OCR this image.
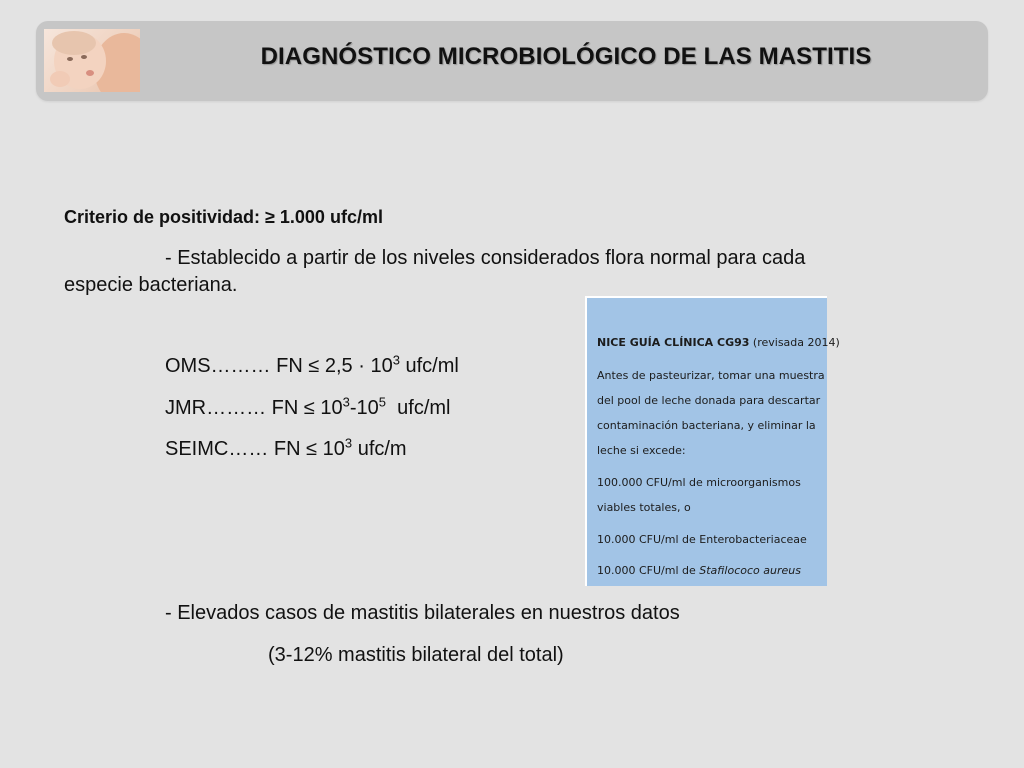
DIAGNÓSTICO MICROBIOLÓGICO DE LAS MASTITIS
Criterio de positividad: ≥ 1.000 ufc/ml
- Establecido a partir de los niveles considerados flora normal para cada
especie bacteriana.
OMS……… FN ≤ $2,5 \cdot 10^3$ ufc/ml
JMR……… FN ≤ $10^3-10^5$  ufc/ml
SEIMC…… FN ≤ $10^3$ ufc/m
NICE GUÍA CLÍNICA CG93 (revisada 2014)
Antes de pasteurizar, tomar una muestra
del pool de leche donada para descartar
contaminación bacteriana, y eliminar la
leche si excede:
100.000 CFU/ml de microorganismos
viables totales, o
10.000 CFU/ml de Enterobacteriaceae
10.000 CFU/ml de Stafilococo aureus
- Elevados casos de mastitis bilaterales en nuestros datos
(3-12% mastitis bilateral del total)
